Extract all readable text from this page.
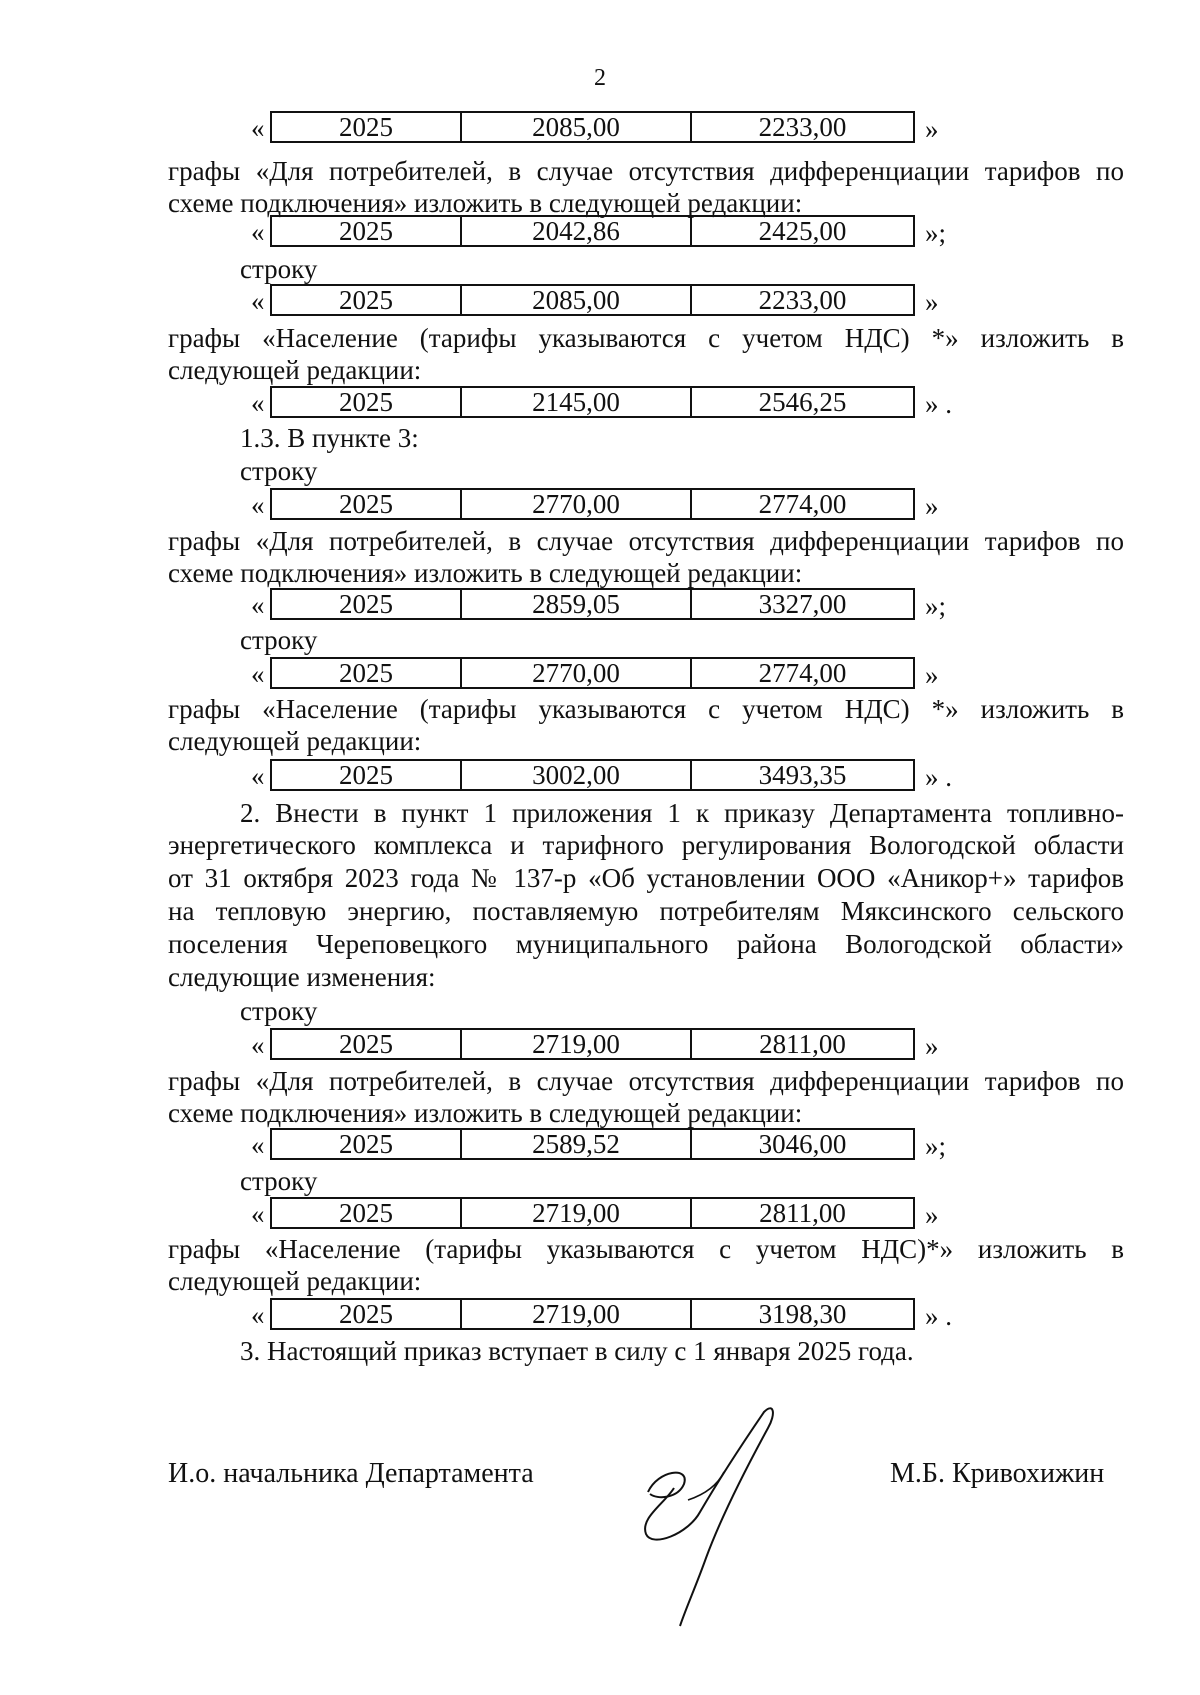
2
«	2025	2085,00	2233,00	»
графы «Для потребителей, в случае отсутствия дифференциации тарифов по
схеме подключения» изложить в следующей редакции:
«	2025	2042,86	2425,00	»;
строку
«	2025	2085,00	2233,00	»
графы «Население (тарифы указываются с учетом НДС) *» изложить в
следующей редакции:
«	2025	2145,00	2546,25	» .
1.3. В пункте 3:
строку
«	2025	2770,00	2774,00	»
графы «Для потребителей, в случае отсутствия дифференциации тарифов по
схеме подключения» изложить в следующей редакции:
«	2025	2859,05	3327,00	»;
строку
«	2025	2770,00	2774,00	»
графы «Население (тарифы указываются с учетом НДС) *» изложить в
следующей редакции:
«	2025	3002,00	3493,35	» .
2. Внести в пункт 1 приложения 1 к приказу Департамента топливно-
энергетического комплекса и тарифного регулирования Вологодской области
от 31 октября 2023 года № 137-р «Об установлении ООО «Аникор+» тарифов
на тепловую энергию, поставляемую потребителям Мяксинского сельского
поселения Череповецкого муниципального района Вологодской области»
следующие изменения:
строку
«	2025	2719,00	2811,00	»
графы «Для потребителей, в случае отсутствия дифференциации тарифов по
схеме подключения» изложить в следующей редакции:
«	2025	2589,52	3046,00	»;
строку
«	2025	2719,00	2811,00	»
графы «Население (тарифы указываются с учетом НДС)*» изложить в
следующей редакции:
«	2025	2719,00	3198,30	» .
3. Настоящий приказ вступает в силу с 1 января 2025 года.
И.о. начальника Департамента	М.Б. Кривохижин
